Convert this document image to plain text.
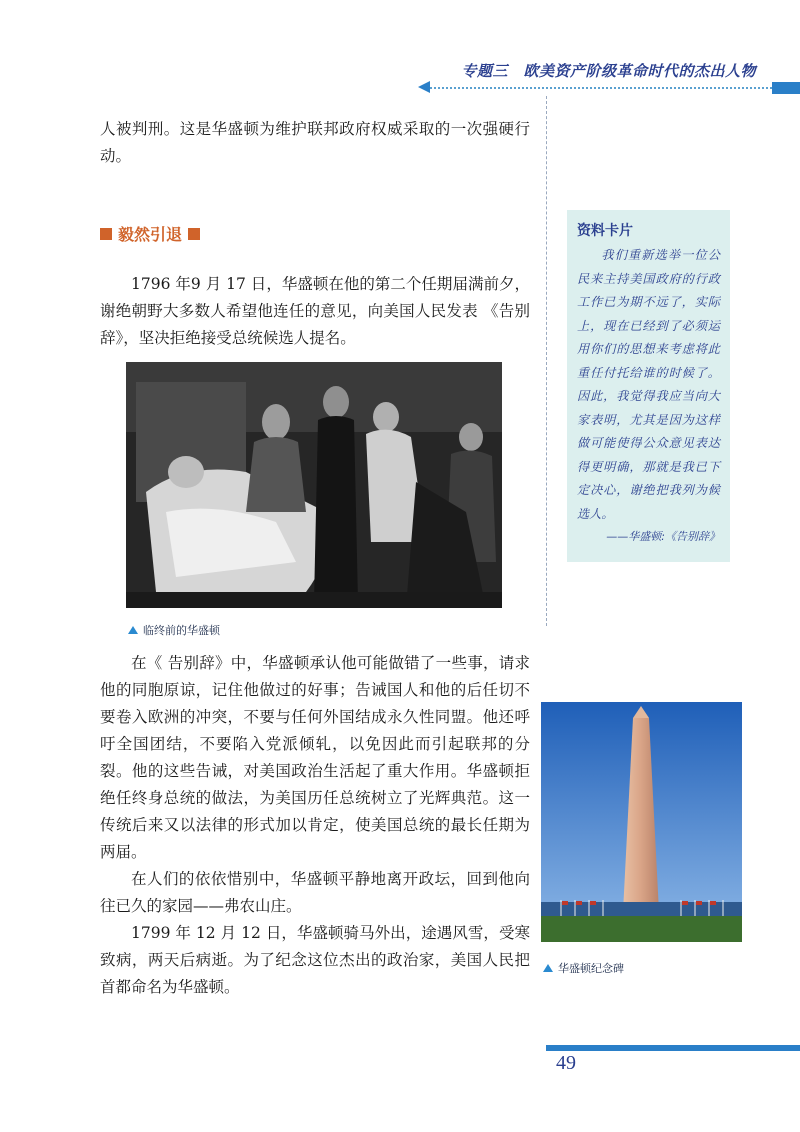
专题三　欧美资产阶级革命时代的杰出人物

人被判刑。这是华盛顿为维护联邦政府权威采取的一次强硬行动。

毅然引退

1796 年9 月 17 日，华盛顿在他的第二个任期届满前夕，谢绝朝野大多数人希望他连任的意见，向美国人民发表 《告别辞》，坚决拒绝接受总统候选人提名。

临终前的华盛顿

在《 告别辞》中，华盛顿承认他可能做错了一些事，请求他的同胞原谅，记住他做过的好事；告诫国人和他的后任切不要卷入欧洲的冲突，不要与任何外国结成永久性同盟。他还呼吁全国团结，不要陷入党派倾轧，以免因此而引起联邦的分裂。他的这些告诫，对美国政治生活起了重大作用。华盛顿拒绝任终身总统的做法，为美国历任总统树立了光辉典范。这一传统后来又以法律的形式加以肯定，使美国总统的最长任期为两届。

在人们的依依惜别中，华盛顿平静地离开政坛，回到他向往已久的家园——弗农山庄。

1799 年 12 月 12 日，华盛顿骑马外出，途遇风雪，受寒致病，两天后病逝。为了纪念这位杰出的政治家，美国人民把首都命名为华盛顿。

资料卡片

我们重新选举一位公民来主持美国政府的行政工作已为期不远了，实际上，现在已经到了必须运用你们的思想来考虑将此重任付托给谁的时候了。因此，我觉得我应当向大家表明，尤其是因为这样做可能使得公众意见表达得更明确，那就是我已下定决心，谢绝把我列为候选人。

——华盛顿:《告别辞》
华盛顿纪念碑
49
